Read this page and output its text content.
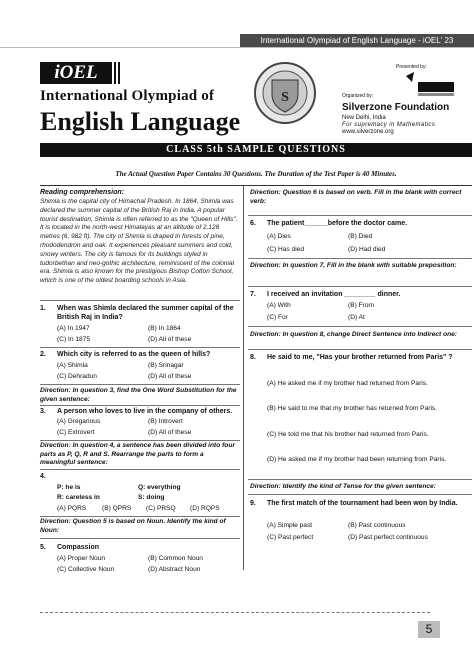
International Olympiad of English Language - iOEL' 23
iOEL
International Olympiad of
English Language
S
Presented by:
Organized by:
Silverzone Foundation
New Delhi, India
For supremacy in Mathematics
www.silverzone.org
CLASS 5th SAMPLE QUESTIONS
The Actual Question Paper Contains 30 Questions. The Duration of the Test Paper is 40 Minutes.
Reading comprehension:
Shimla is the capital city of Himachal Pradesh. In 1864, Shimla was declared the summer capital of the British Raj in India. A popular tourist destination, Shimla is often referred to as the "Queen of Hills". It is located in the north-west Himalayas at an altitude of 2,128 metres (6, 982 ft). The city of Shimla is draped in forests of pine, rhododendron and oak. It experiences pleasant summers and cold, snowy winters. The city is famous for its buildings styled in tudorbethan and neo-gothic architecture, reminiscent of the colonial era. Shimla is also known for the prestigious Bishop Cotton School, which is one of the oldest boarding schools in Asia.
1. When was Shimla declared the summer capital of the British Raj in India?
(A) In 1947	(B) In 1864
(C) In 1875	(D) All of these
2. Which city is referred to as the queen of hills?
(A) Shimla	(B) Srinagar
(C) Dehradun	(D) All of these
Direction: In question 3, find the One Word Substitution for the given sentence:
3. A person who loves to live in the company of others.
(A) Gregarious	(B) Introvert
(C) Extrovert	(D) All of these
Direction: In question 4, a sentence has been divided into four parts as P, Q, R and S. Rearrange the parts to form a meaningful sentence:
4.
P: he is	Q: everything
R: careless in	S: doing
(A) PQRS (B) QPRS (C) PRSQ (D) RQPS
Direction: Question 5 is based on Noun. Identify the kind of Noun:
5. Compassion
(A) Proper Noun	(B) Common Noun
(C) Collective Noun	(D) Abstract Noun
Direction: Question 6 is based on verb. Fill in the blank with correct verb:
6. The patient______before the doctor came.
(A) Dies	(B) Died
(C) Has died	(D) Had died
Direction: In question 7, Fill in the blank with suitable preposition:
7. I received an invitation ________ dinner.
(A) With	(B) From
(C) For	(D) At
Direction: In question 8, change Direct Sentence into Indirect one:
8. He said to me, "Has your brother returned from Paris" ?
(A) He asked me if my brother had returned from Paris.
(B) He said to me that my brother has returned from Paris.
(C) He told me that his brother had returned from Paris.
(D) He asked me if my brother had been returning from Paris.
Direction: Identify the kind of Tense for the given sentence:
9. The first match of the tournament had been won by India.
(A) Simple past	(B) Past continuous
(C) Past perfect	(D) Past perfect continuous
5
